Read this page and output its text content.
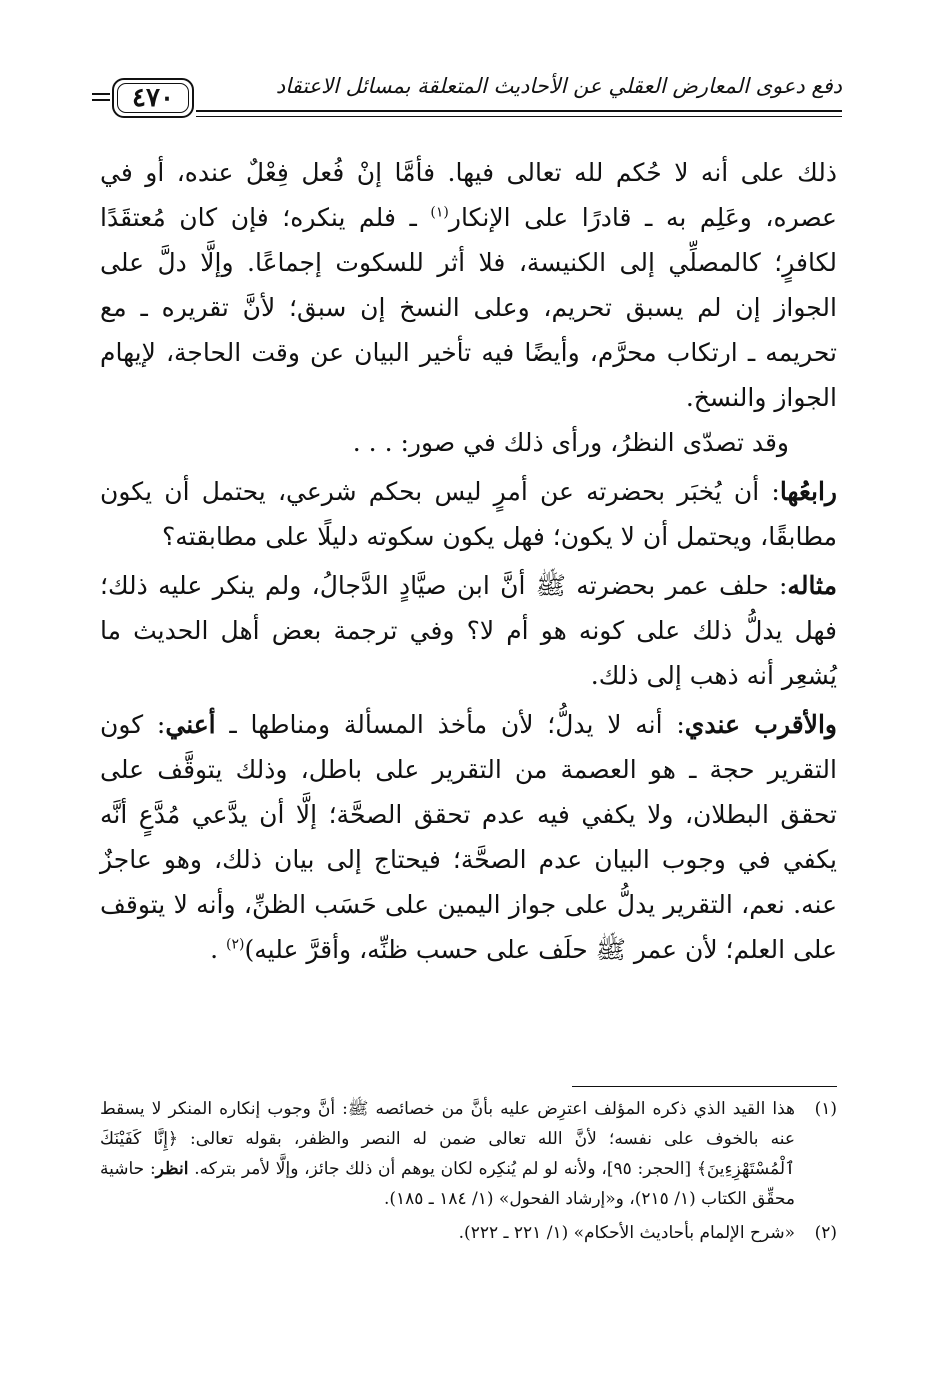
٤٧٠	دفع دعوى المعارض العقلي عن الأحاديث المتعلقة بمسائل الاعتقاد

ذلك على أنه لا حُكم لله تعالى فيها. فأمَّا إنْ فُعل فِعْلٌ عنده، أو في عصره، وعَلِم به ـ قادرًا على الإنكار$^{(١)}$ ـ فلم ينكره؛ فإن كان مُعتقَدًا لكافرٍ؛ كالمصلِّي إلى الكنيسة، فلا أثر للسكوت إجماعًا. وإلَّا دلَّ على الجواز إن لم يسبق تحريم، وعلى النسخ إن سبق؛ لأنَّ تقريره ـ مع تحريمه ـ ارتكاب محرَّم، وأيضًا فيه تأخير البيان عن وقت الحاجة، لإيهام الجواز والنسخ.

وقد تصدّى النظرُ، ورأى ذلك في صور: . . .

رابعُها: أن يُخبَر بحضرته عن أمرٍ ليس بحكم شرعي، يحتمل أن يكون مطابقًا، ويحتمل أن لا يكون؛ فهل يكون سكوته دليلًا على مطابقته؟

مثاله: حلف عمر بحضرته ﷺ أنَّ ابن صيَّادٍ الدَّجالُ، ولم ينكر عليه ذلك؛ فهل يدلُّ ذلك على كونه هو أم لا؟ وفي ترجمة بعض أهل الحديث ما يُشعِر أنه ذهب إلى ذلك.

والأقرب عندي: أنه لا يدلُّ؛ لأن مأخذ المسألة ومناطها ـ أعني: كون التقرير حجة ـ هو العصمة من التقرير على باطل، وذلك يتوقَّف على تحقق البطلان، ولا يكفي فيه عدم تحقق الصحَّة؛ إلَّا أن يدَّعي مُدَّعٍ أنَّه يكفي في وجوب البيان عدم الصحَّة؛ فيحتاج إلى بيان ذلك، وهو عاجزٌ عنه. نعم، التقرير يدلُّ على جواز اليمين على حَسَب الظنِّ، وأنه لا يتوقف على العلم؛ لأن عمر ﷺ حلَف على حسب ظنِّه، وأقرَّ عليه)$^{(٢)}$ .

(١)
هذا القيد الذي ذكره المؤلف اعترِض عليه بأنَّ من خصائصه ﷺ: أنَّ وجوب إنكاره المنكر لا يسقط عنه بالخوف على نفسه؛ لأنَّ الله تعالى ضمن له النصر والظفر، بقوله تعالى: ﴿إِنَّا كَفَيْنَكَ ٱلْمُسْتَهْزِءِينَ﴾ [الحجر: ٩٥]، ولأنه لو لم يُنكِره لكان يوهم أن ذلك جائز، وإلَّا لأمر بتركه. انظر: حاشية محقِّق الكتاب (١/ ٢١٥)، و«إرشاد الفحول» (١/ ١٨٤ ـ ١٨٥).
(٢)
«شرح الإلمام بأحاديث الأحكام» (١/ ٢٢١ ـ ٢٢٢).
